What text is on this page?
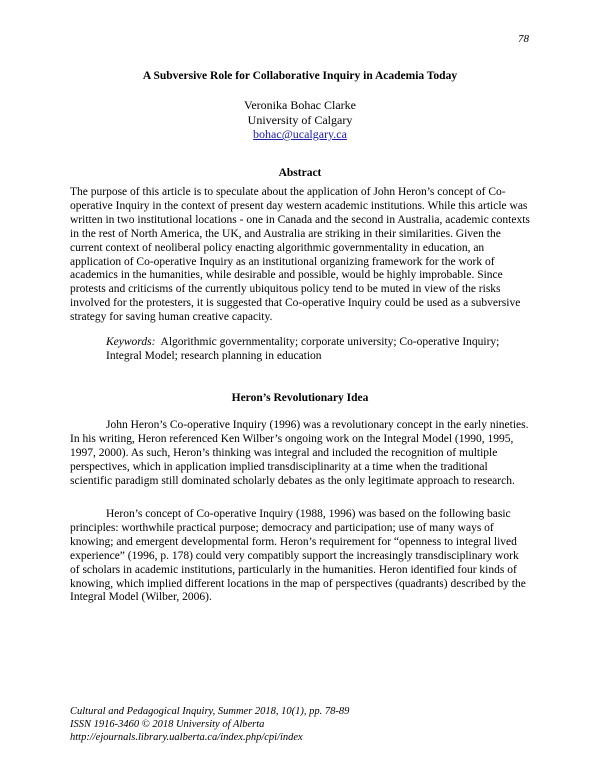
78
A Subversive Role for Collaborative Inquiry in Academia Today
Veronika Bohac Clarke
University of Calgary
bohac@ucalgary.ca
Abstract
The purpose of this article is to speculate about the application of John Heron’s concept of Co-operative Inquiry in the context of present day western academic institutions. While this article was written in two institutional locations - one in Canada and the second in Australia, academic contexts in the rest of North America, the UK, and Australia are striking in their similarities. Given the current context of neoliberal policy enacting algorithmic governmentality in education, an application of Co-operative Inquiry as an institutional organizing framework for the work of academics in the humanities, while desirable and possible, would be highly improbable. Since protests and criticisms of the currently ubiquitous policy tend to be muted in view of the risks involved for the protesters, it is suggested that Co-operative Inquiry could be used as a subversive strategy for saving human creative capacity.
Keywords: Algorithmic governmentality; corporate university; Co-operative Inquiry; Integral Model; research planning in education
Heron’s Revolutionary Idea

John Heron’s Co-operative Inquiry (1996) was a revolutionary concept in the early nineties. In his writing, Heron referenced Ken Wilber’s ongoing work on the Integral Model (1990, 1995, 1997, 2000). As such, Heron’s thinking was integral and included the recognition of multiple perspectives, which in application implied transdisciplinarity at a time when the traditional scientific paradigm still dominated scholarly debates as the only legitimate approach to research.

Heron’s concept of Co-operative Inquiry (1988, 1996) was based on the following basic principles: worthwhile practical purpose; democracy and participation; use of many ways of knowing; and emergent developmental form. Heron’s requirement for “openness to integral lived experience” (1996, p. 178) could very compatibly support the increasingly transdisciplinary work of scholars in academic institutions, particularly in the humanities. Heron identified four kinds of knowing, which implied different locations in the map of perspectives (quadrants) described by the Integral Model (Wilber, 2006).

Cultural and Pedagogical Inquiry, Summer 2018, 10(1), pp. 78-89
ISSN 1916-3460 © 2018 University of Alberta
http://ejournals.library.ualberta.ca/index.php/cpi/index
